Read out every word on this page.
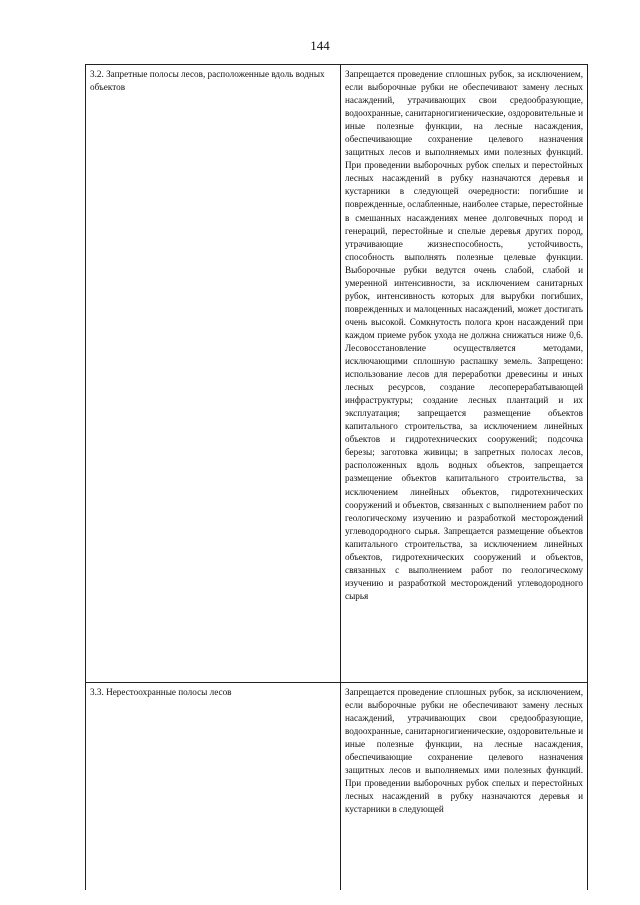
144
3.2. Запретные полосы лесов, расположенные вдоль водных объектов	Запрещается проведение сплошных рубок, за исключением, если выборочные рубки не обеспечивают замену лесных насаждений, утрачивающих свои средообразующие, водоохранные, санитарногигиенические, оздоровительные и иные полезные функции, на лесные насаждения, обеспечивающие сохранение целевого назначения защитных лесов и выполняемых ими полезных функций. При проведении выборочных рубок спелых и перестойных лесных насаждений в рубку назначаются деревья и кустарники в следующей очередности: погибшие и поврежденные, ослабленные, наиболее старые, перестойные в смешанных насаждениях менее долговечных пород и генераций, перестойные и спелые деревья других пород, утрачивающие жизнеспособность, устойчивость, способность выполнять полезные целевые функции. Выборочные рубки ведутся очень слабой, слабой и умеренной интенсивности, за исключением санитарных рубок, интенсивность которых для вырубки погибших, поврежденных и малоценных насаждений, может достигать очень высокой. Сомкнутость полога крон насаждений при каждом приеме рубок ухода не должна снижаться ниже 0,6. Лесовосстановление осуществляется методами, исключающими сплошную распашку земель. Запрещено: использование лесов для переработки древесины и иных лесных ресурсов, создание лесоперерабатывающей инфраструктуры; создание лесных плантаций и их эксплуатация; запрещается размещение объектов капитального строительства, за исключением линейных объектов и гидротехнических сооружений; подсочка березы; заготовка живицы; в запретных полосах лесов, расположенных вдоль водных объектов, запрещается размещение объектов капитального строительства, за исключением линейных объектов, гидротехнических сооружений и объектов, связанных с выполнением работ по геологическому изучению и разработкой месторождений углеводородного сырья. Запрещается размещение объектов капитального строительства, за исключением линейных объектов, гидротехнических сооружений и объектов, связанных с выполнением работ по геологическому изучению и разработкой месторождений углеводородного сырья
3.3. Нерестоохранные полосы лесов	Запрещается проведение сплошных рубок, за исключением, если выборочные рубки не обеспечивают замену лесных насаждений, утрачивающих свои средообразующие, водоохранные, санитарногигиенические, оздоровительные и иные полезные функции, на лесные насаждения, обеспечивающие сохранение целевого назначения защитных лесов и выполняемых ими полезных функций. При проведении выборочных рубок спелых и перестойных лесных насаждений в рубку назначаются деревья и кустарники в следующей
